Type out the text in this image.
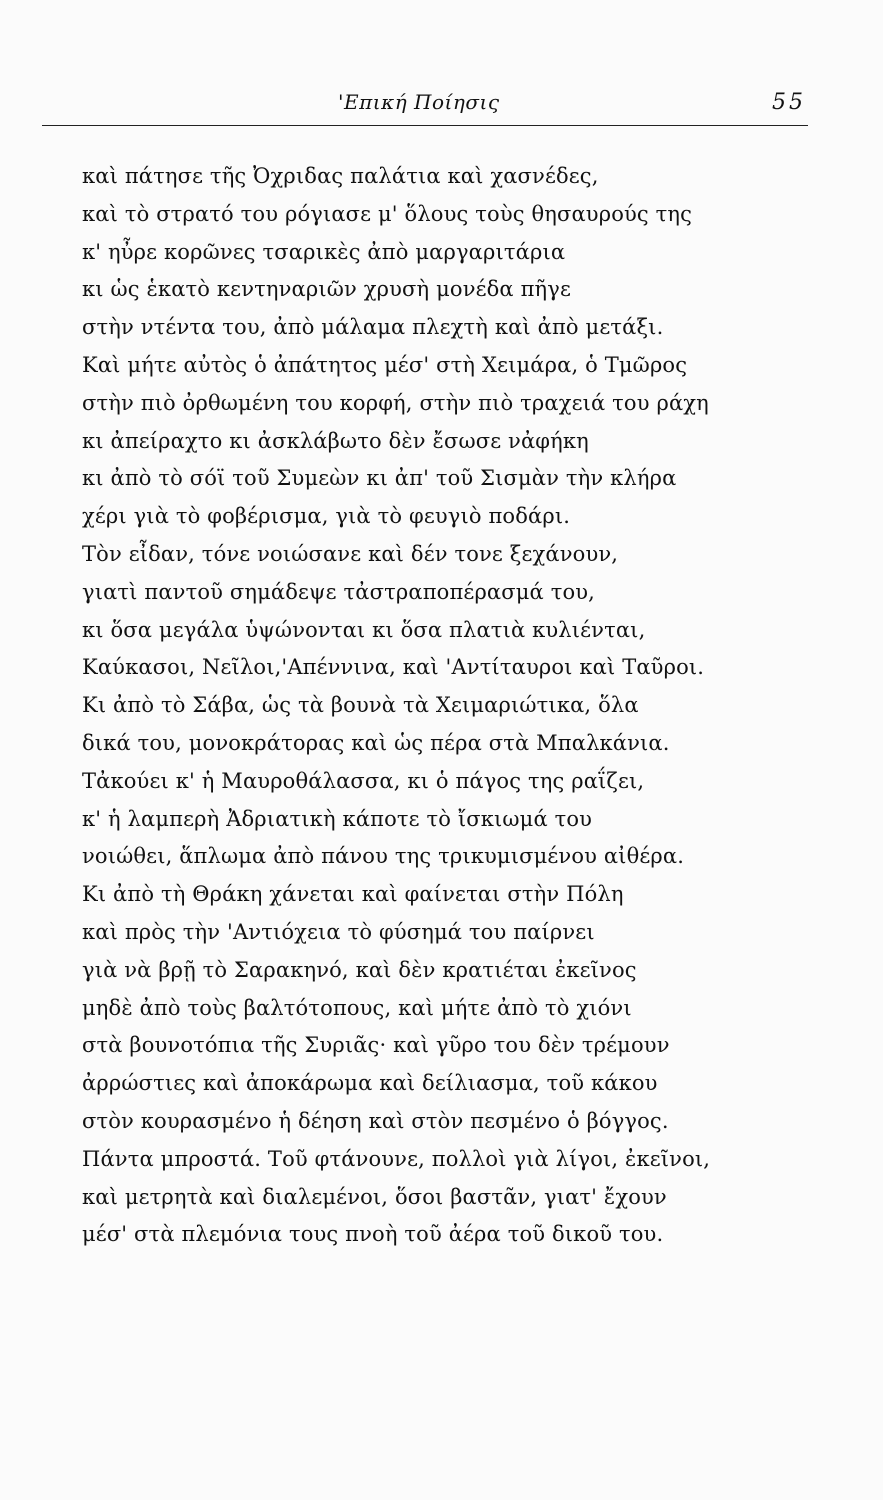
'Επική Ποίησις	55
καὶ πάτησε τῆς Ὀχριδας παλάτια καὶ χασνέδες,
καὶ τὸ στρατό του ρόγιασε μ' ὅλους τοὺς θησαυρούς της
κ' ηὖρε κορῶνες τσαρικὲς ἀπὸ μαργαριτάρια
κι ὡς ἑκατὸ κεντηναριῶν χρυσὴ μονέδα πῆγε
στὴν ντέντα του, ἀπὸ μάλαμα πλεχτὴ καὶ ἀπὸ μετάξι.
Καὶ μήτε αὐτὸς ὁ ἀπάτητος μέσ' στὴ Χειμάρα, ὁ Τμῶρος
στὴν πιὸ ὀρθωμένη του κορφή, στὴν πιὸ τραχειά του ράχη
κι ἀπείραχτο κι ἀσκλάβωτο δὲν ἔσωσε νἀφήκη
κι ἀπὸ τὸ σόϊ τοῦ Συμεὼν κι ἀπ' τοῦ Σισμὰν τὴν κλήρα
χέρι γιὰ τὸ φοβέρισμα, γιὰ τὸ φευγιὸ ποδάρι.
Τὸν εἶδαν, τόνε νοιώσανε καὶ δέν τονε ξεχάνουν,
γιατὶ παντοῦ σημάδεψε τἀστραποπέρασμά του,
κι ὅσα μεγάλα ὑψώνονται κι ὅσα πλατιὰ κυλιένται,
Καύκασοι, Νεῖλοι,'Απέννινα, καὶ 'Αντίταυροι καὶ Ταῦροι.
Κι ἀπὸ τὸ Σάβα, ὡς τὰ βουνὰ τὰ Χειμαριώτικα, ὅλα
δικά του, μονοκράτορας καὶ ὡς πέρα στὰ Μπαλκάνια.
Τἀκούει κ' ἡ Μαυροθάλασσα, κι ὁ πάγος της ραΐζει,
κ' ἡ λαμπερὴ Ἀδριατικὴ κάποτε τὸ ἴσκιωμά του
νοιώθει, ἅπλωμα ἀπὸ πάνου της τρικυμισμένου αἰθέρα.
Κι ἀπὸ τὴ Θράκη χάνεται καὶ φαίνεται στὴν Πόλη
καὶ πρὸς τὴν 'Αντιόχεια τὸ φύσημά του παίρνει
γιὰ νὰ βρῇ τὸ Σαρακηνό, καὶ δὲν κρατιέται ἐκεῖνος
μηδὲ ἀπὸ τοὺς βαλτότοπους, καὶ μήτε ἀπὸ τὸ χιόνι
στὰ βουνοτόπια τῆς Συριᾶς· καὶ γῦρο του δὲν τρέμουν
ἀρρώστιες καὶ ἀποκάρωμα καὶ δείλιασμα, τοῦ κάκου
στὸν κουρασμένο ἡ δέηση καὶ στὸν πεσμένο ὁ βόγγος.
Πάντα μπροστά. Τοῦ φτάνουνε, πολλοὶ γιὰ λίγοι, ἐκεῖνοι,
καὶ μετρητὰ καὶ διαλεμένοι, ὅσοι βαστᾶν, γιατ' ἔχουν
μέσ' στὰ πλεμόνια τους πνοὴ τοῦ ἀέρα τοῦ δικοῦ του.
